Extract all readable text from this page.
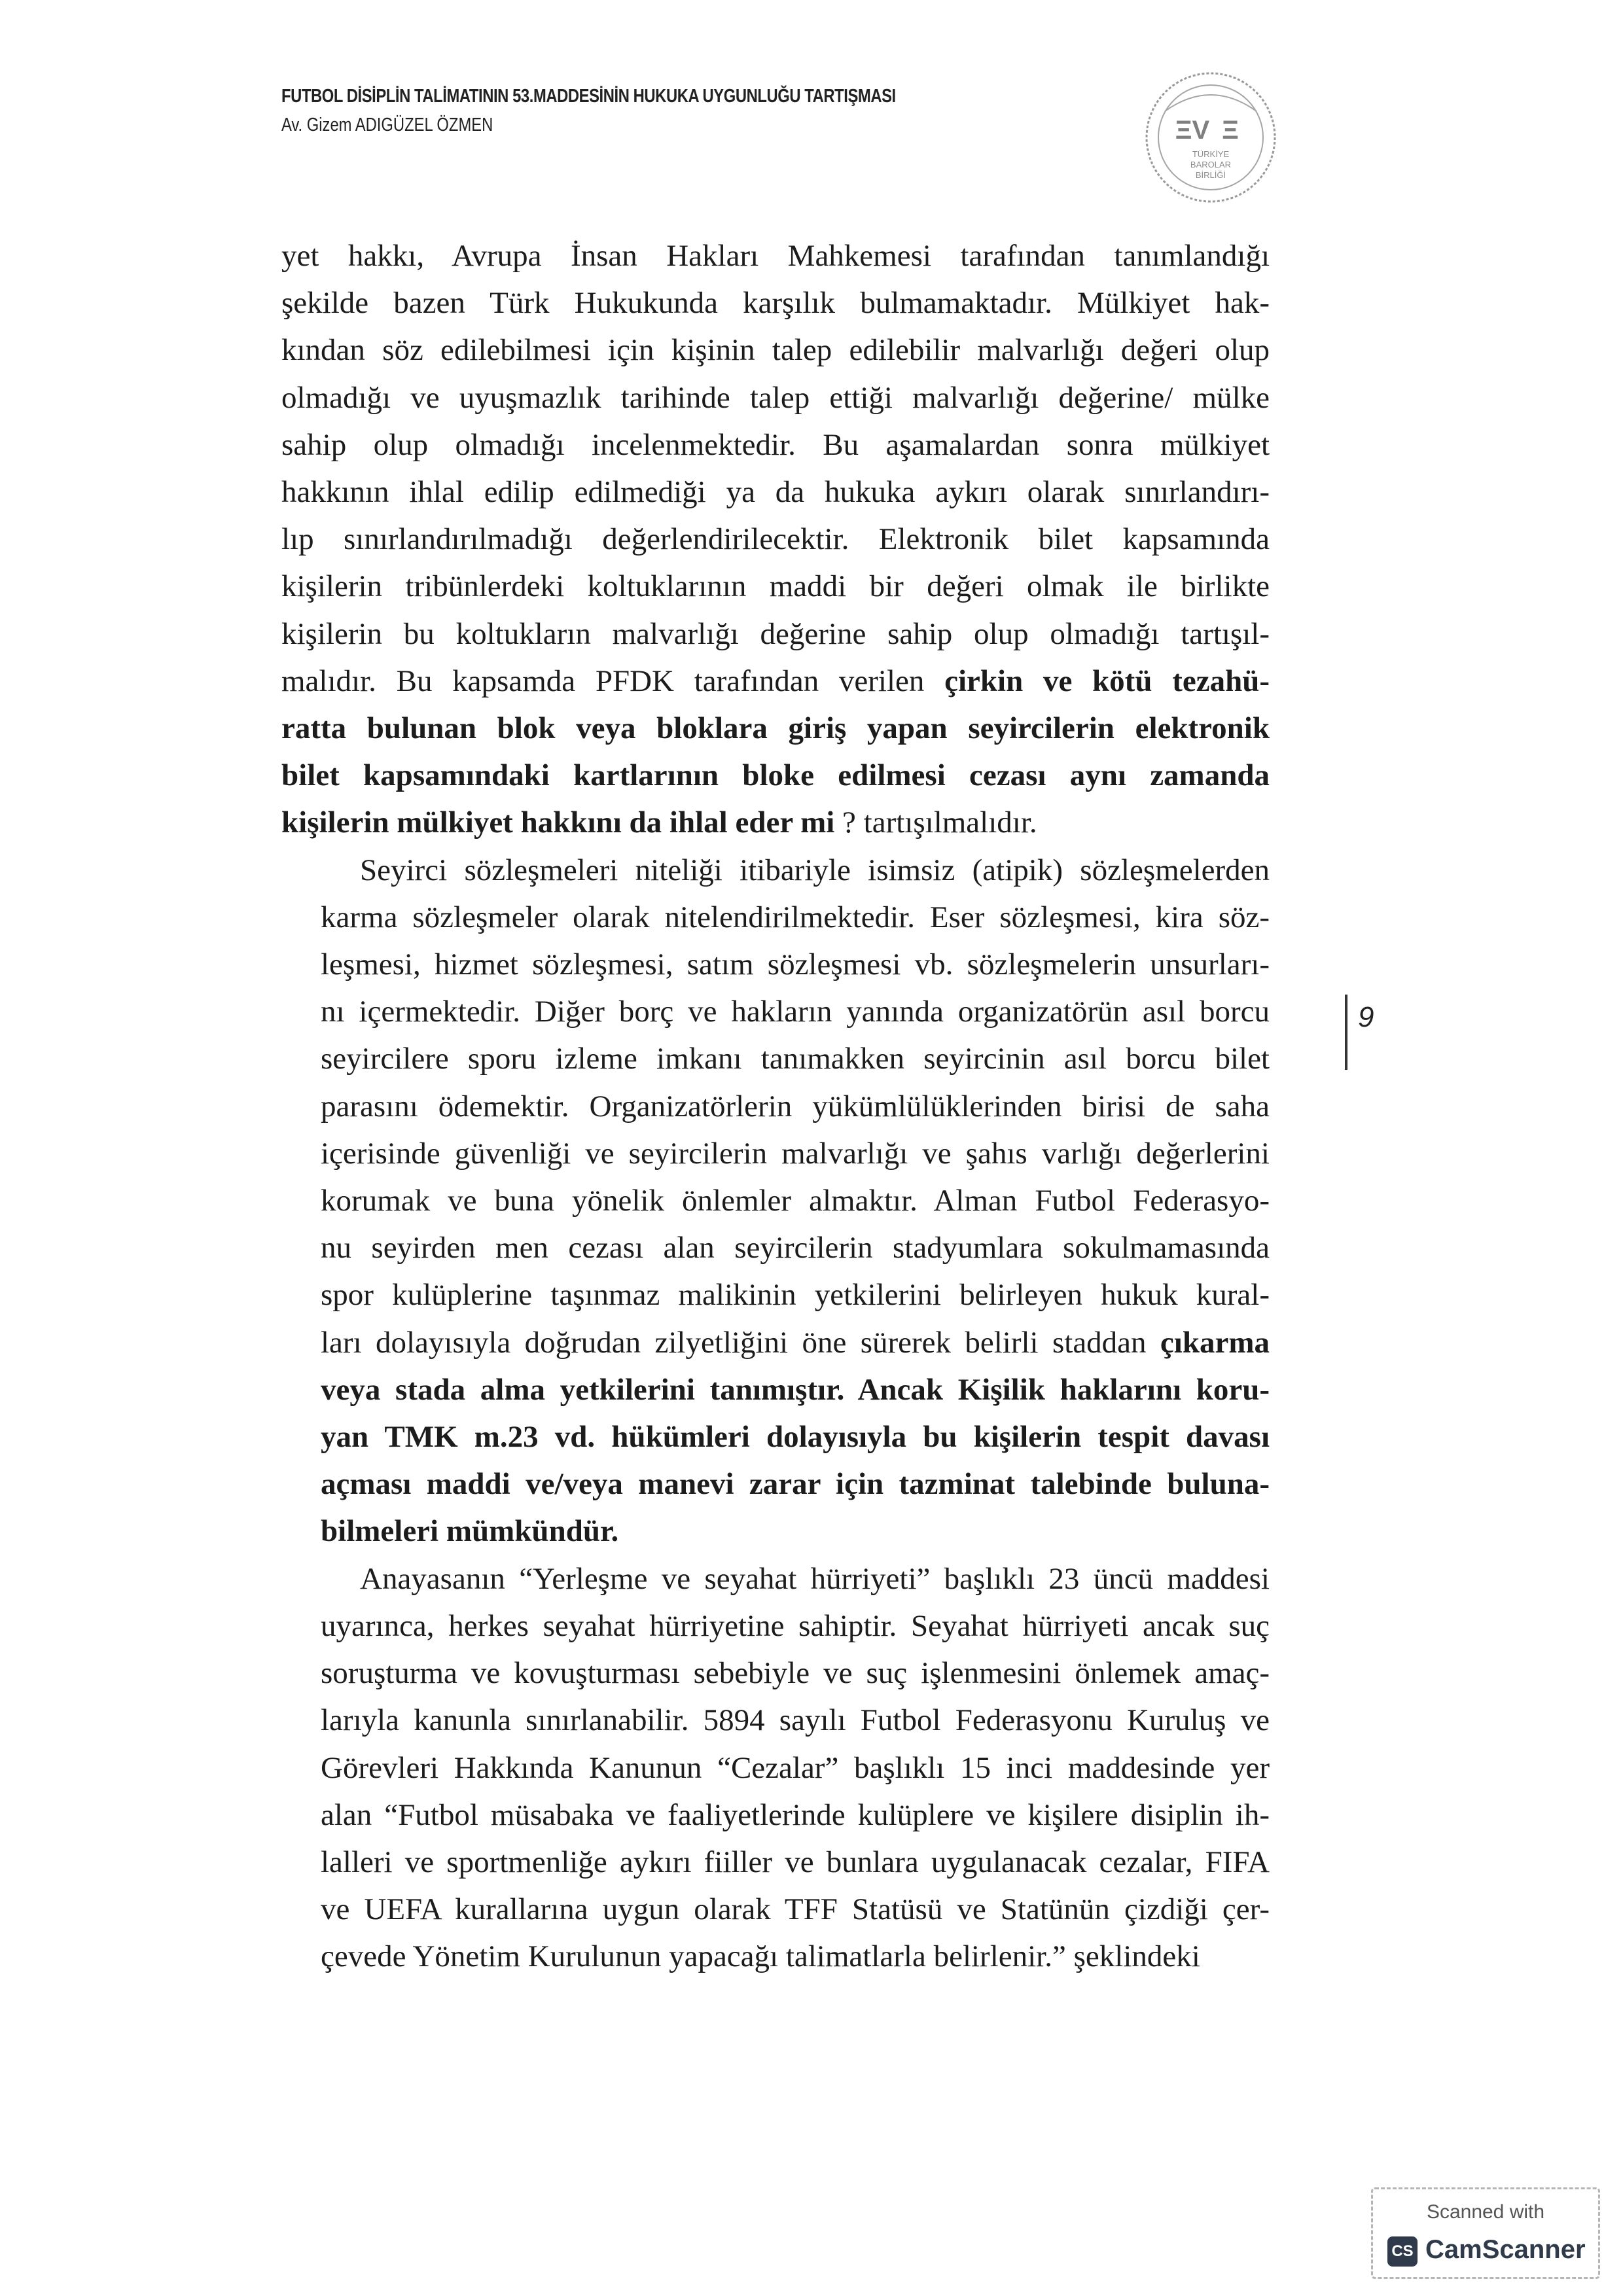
FUTBOL DİSİPLİN TALİMATININ 53.MADDESİNİN HUKUKA UYGUNLUĞU TARTIŞMASI
Av. Gizem ADIGÜZEL ÖZMEN	ΞV Ξ
TÜRKİYE
BAROLAR
BİRLİĞİ

yet hakkı, Avrupa İnsan Hakları Mahkemesi tarafından tanımlandığı
şekilde bazen Türk Hukukunda karşılık bulmamaktadır. Mülkiyet hak-
kından söz edilebilmesi için kişinin talep edilebilir malvarlığı değeri olup
olmadığı ve uyuşmazlık tarihinde talep ettiği malvarlığı değerine/ mülke
sahip olup olmadığı incelenmektedir. Bu aşamalardan sonra mülkiyet
hakkının ihlal edilip edilmediği ya da hukuka aykırı olarak sınırlandırı-
lıp sınırlandırılmadığı değerlendirilecektir. Elektronik bilet kapsamında
kişilerin tribünlerdeki koltuklarının maddi bir değeri olmak ile birlikte
kişilerin bu koltukların malvarlığı değerine sahip olup olmadığı tartışıl-
malıdır. Bu kapsamda PFDK tarafından verilen çirkin ve kötü tezahü-
ratta bulunan blok veya bloklara giriş yapan seyircilerin elektronik
bilet kapsamındaki kartlarının bloke edilmesi cezası aynı zamanda
kişilerin mülkiyet hakkını da ihlal eder mi ? tartışılmalıdır.

Seyirci sözleşmeleri niteliği itibariyle isimsiz (atipik) sözleşmelerden
karma sözleşmeler olarak nitelendirilmektedir. Eser sözleşmesi, kira söz-
leşmesi, hizmet sözleşmesi, satım sözleşmesi vb. sözleşmelerin unsurları-
nı içermektedir. Diğer borç ve hakların yanında organizatörün asıl borcu
seyircilere sporu izleme imkanı tanımakken seyircinin asıl borcu bilet
parasını ödemektir. Organizatörlerin yükümlülüklerinden birisi de saha
içerisinde güvenliği ve seyircilerin malvarlığı ve şahıs varlığı değerlerini
korumak ve buna yönelik önlemler almaktır. Alman Futbol Federasyo-
nu seyirden men cezası alan seyircilerin stadyumlara sokulmamasında
spor kulüplerine taşınmaz malikinin yetkilerini belirleyen hukuk kural-
ları dolayısıyla doğrudan zilyetliğini öne sürerek belirli staddan çıkarma
veya stada alma yetkilerini tanımıştır. Ancak Kişilik haklarını koru-
yan TMK m.23 vd. hükümleri dolayısıyla bu kişilerin tespit davası
açması maddi ve/veya manevi zarar için tazminat talebinde buluna-
bilmeleri mümkündür.

Anayasanın “Yerleşme ve seyahat hürriyeti” başlıklı 23 üncü maddesi
uyarınca, herkes seyahat hürriyetine sahiptir. Seyahat hürriyeti ancak suç
soruşturma ve kovuşturması sebebiyle ve suç işlenmesini önlemek amaç-
larıyla kanunla sınırlanabilir. 5894 sayılı Futbol Federasyonu Kuruluş ve
Görevleri Hakkında Kanunun “Cezalar” başlıklı 15 inci maddesinde yer
alan “Futbol müsabaka ve faaliyetlerinde kulüplere ve kişilere disiplin ih-
lalleri ve sportmenliğe aykırı fiiller ve bunlara uygulanacak cezalar, FIFA
ve UEFA kurallarına uygun olarak TFF Statüsü ve Statünün çizdiği çer-
çevede Yönetim Kurulunun yapacağı talimatlarla belirlenir.” şeklindeki

9
Scanned with
CS CamScanner
